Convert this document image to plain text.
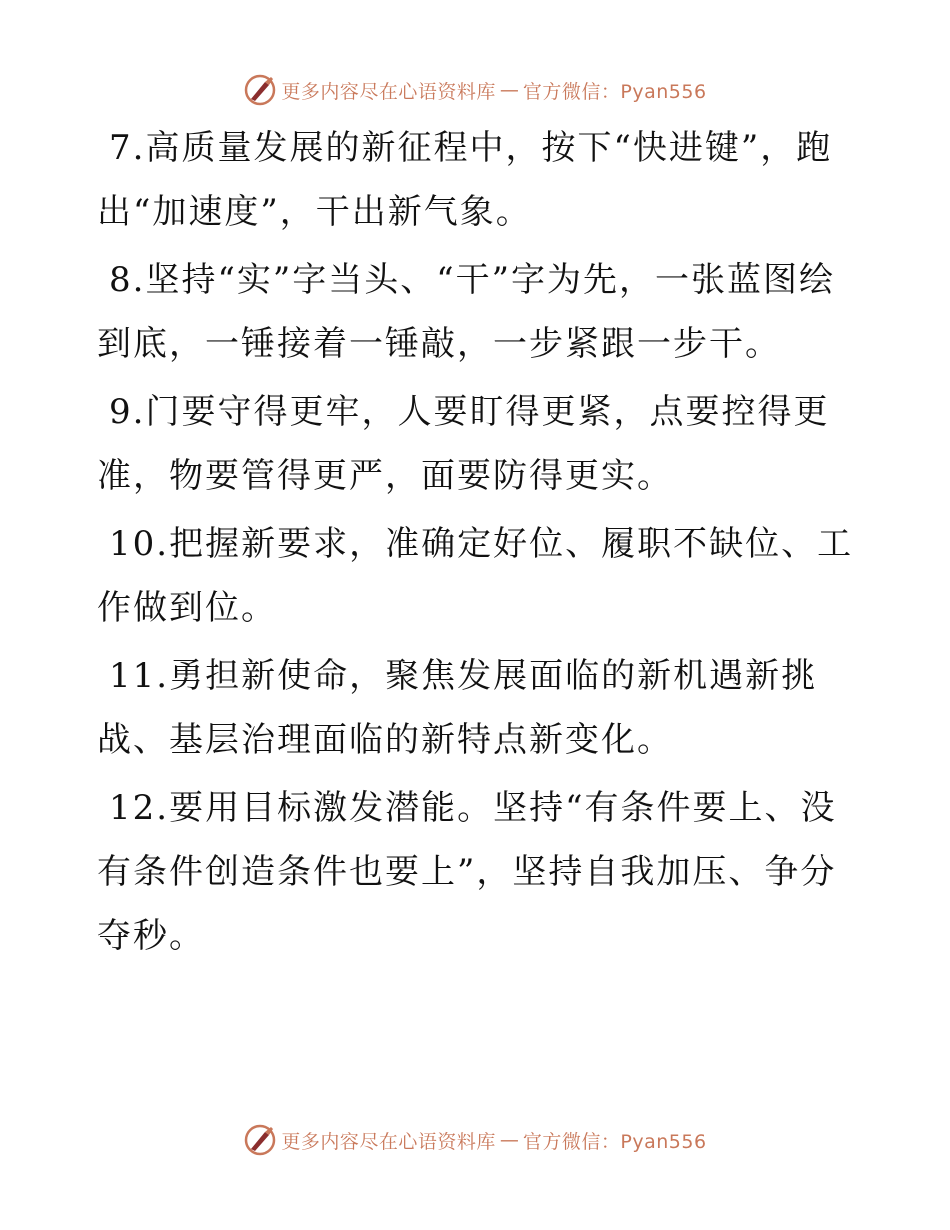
更多内容尽在心语资料库 — 官方微信：Pyan556

7.高质量发展的新征程中，按下“快进键”，跑出“加速度”，干出新气象。

8.坚持“实”字当头、“干”字为先，一张蓝图绘到底，一锤接着一锤敲，一步紧跟一步干。

9.门要守得更牢，人要盯得更紧，点要控得更准，物要管得更严，面要防得更实。

10.把握新要求，准确定好位、履职不缺位、工作做到位。

11.勇担新使命，聚焦发展面临的新机遇新挑战、基层治理面临的新特点新变化。

12.要用目标激发潜能。坚持“有条件要上、没有条件创造条件也要上”，坚持自我加压、争分夺秒。

更多内容尽在心语资料库 — 官方微信：Pyan556
